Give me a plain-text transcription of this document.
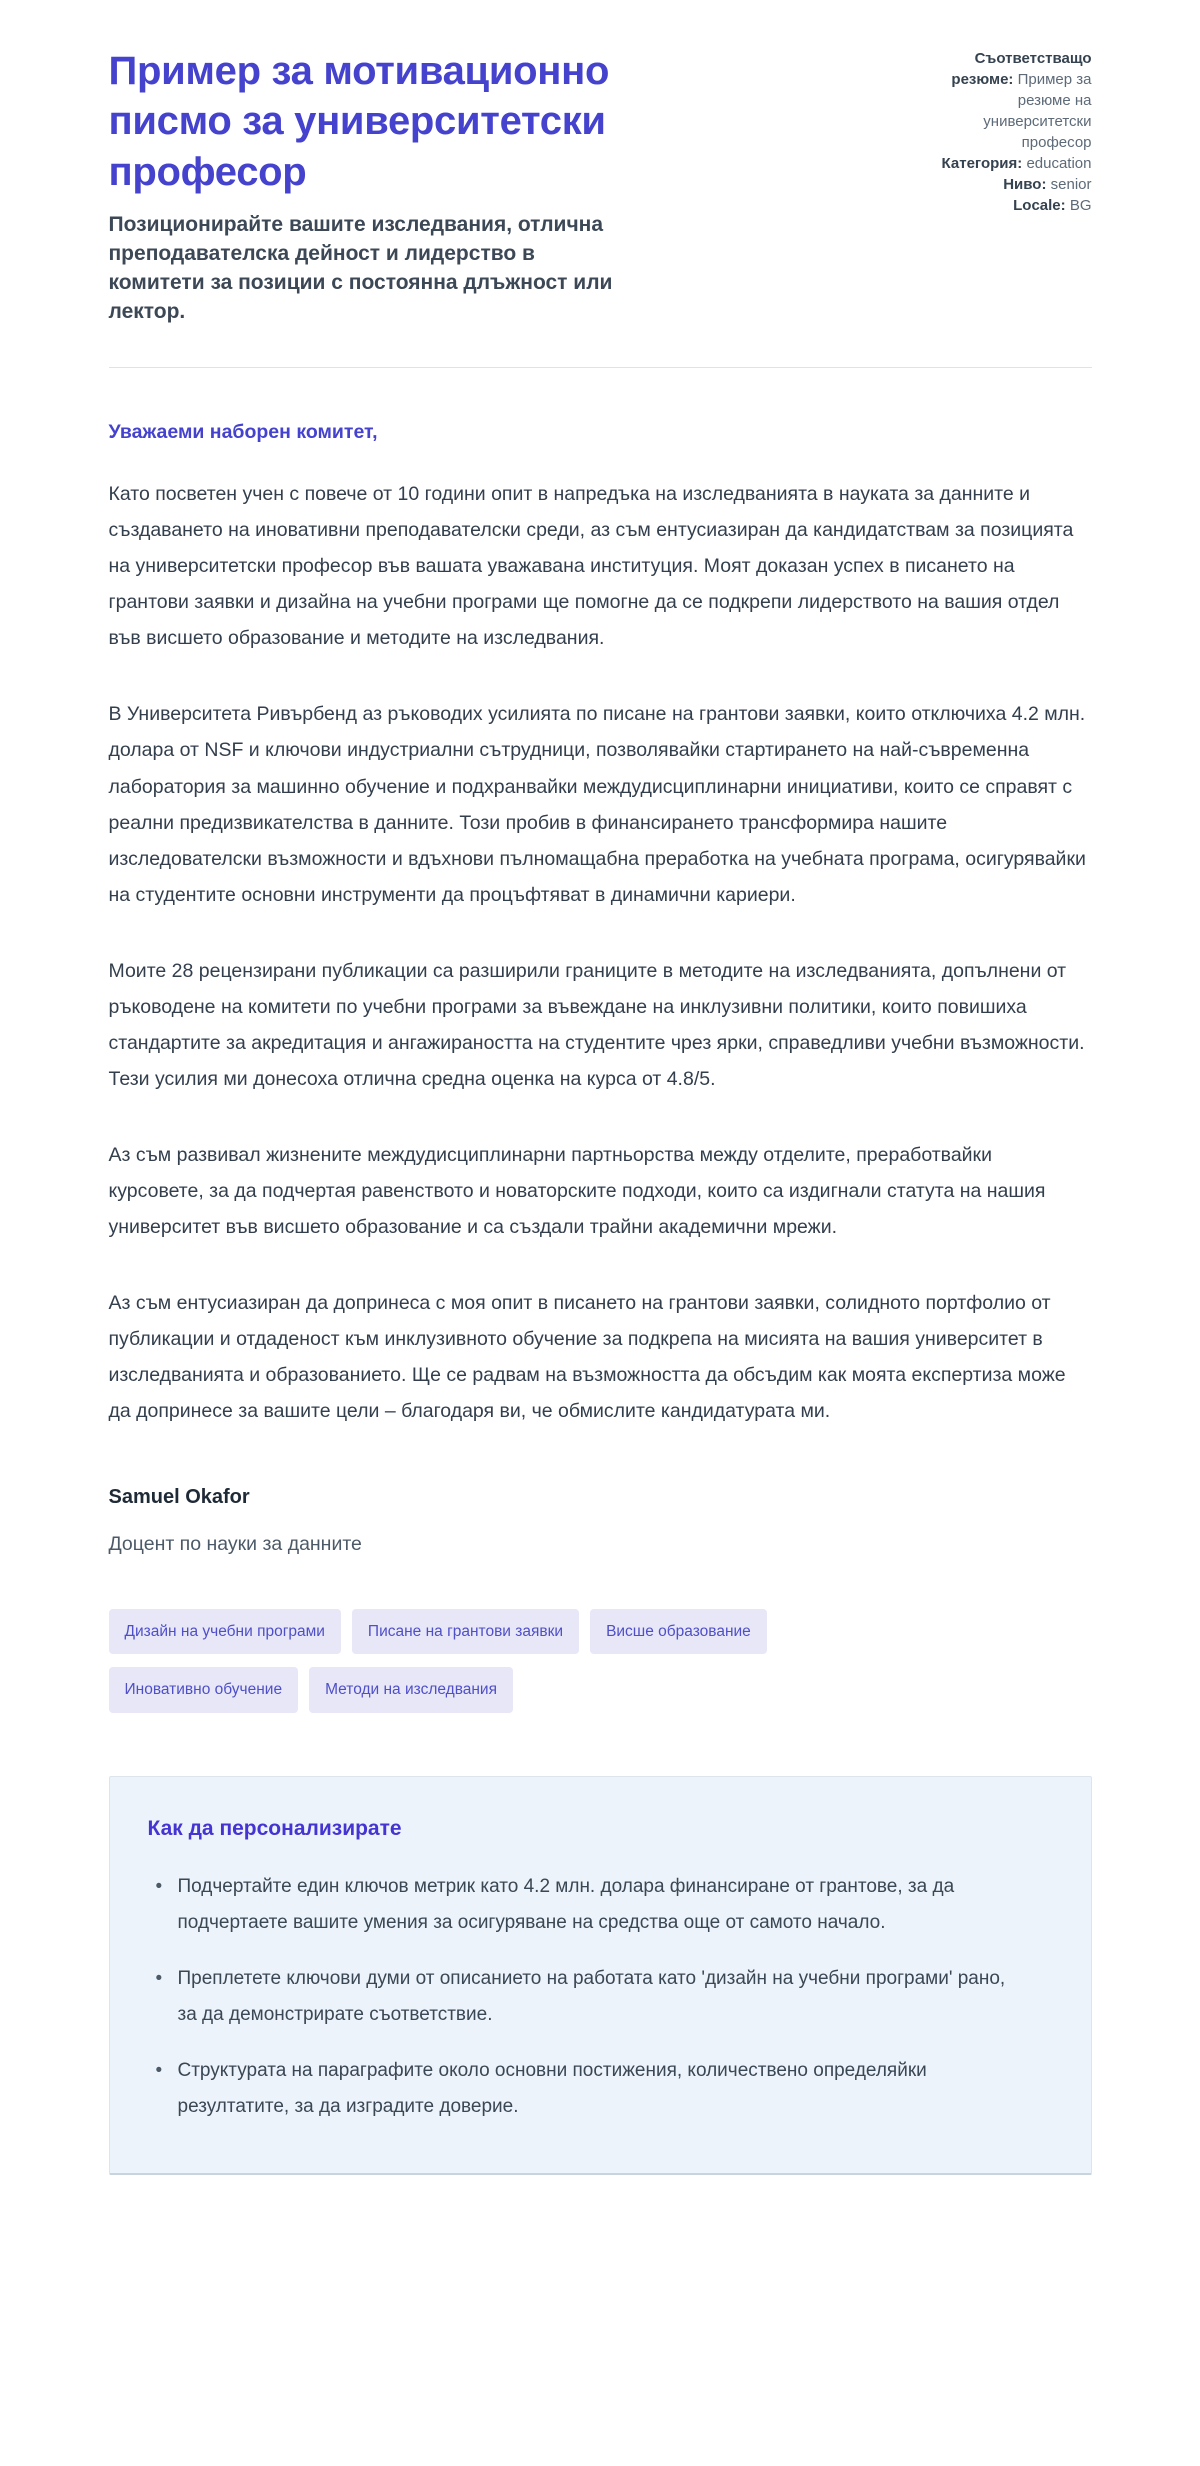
Пример за мотивационно писмо за университетски професор

Позиционирайте вашите изследвания, отлична преподавателска дейност и лидерство в комитети за позиции с постоянна длъжност или лектор.

Съответстващо резюме: Пример за резюме на университетски професор
Категория: education
Ниво: senior
Locale: BG

Уважаеми наборен комитет,

Като посветен учен с повече от 10 години опит в напредъка на изследванията в науката за данните и създаването на иновативни преподавателски среди, аз съм ентусиазиран да кандидатствам за позицията на университетски професор във вашата уважавана институция. Моят доказан успех в писането на грантови заявки и дизайна на учебни програми ще помогне да се подкрепи лидерството на вашия отдел във висшето образование и методите на изследвания.

В Университета Ривърбенд аз ръководих усилията по писане на грантови заявки, които отключиха 4.2 млн. долара от NSF и ключови индустриални сътрудници, позволявайки стартирането на най-съвременна лаборатория за машинно обучение и подхранвайки междудисциплинарни инициативи, които се справят с реални предизвикателства в данните. Този пробив в финансирането трансформира нашите изследователски възможности и вдъхнови пълномащабна преработка на учебната програма, осигурявайки на студентите основни инструменти да процъфтяват в динамични кариери.

Моите 28 рецензирани публикации са разширили границите в методите на изследванията, допълнени от ръководене на комитети по учебни програми за въвеждане на инклузивни политики, които повишиха стандартите за акредитация и ангажираността на студентите чрез ярки, справедливи учебни възможности. Тези усилия ми донесоха отлична средна оценка на курса от 4.8/5.

Аз съм развивал жизнените междудисциплинарни партньорства между отделите, преработвайки курсовете, за да подчертая равенството и новаторските подходи, които са издигнали статута на нашия университет във висшето образование и са създали трайни академични мрежи.

Аз съм ентусиазиран да допринеса с моя опит в писането на грантови заявки, солидното портфолио от публикации и отдаденост към инклузивното обучение за подкрепа на мисията на вашия университет в изследванията и образованието. Ще се радвам на възможността да обсъдим как моята експертиза може да допринесе за вашите цели – благодаря ви, че обмислите кандидатурата ми.

Samuel Okafor

Доцент по науки за данните

Дизайн на учебни програми	Писане на грантови заявки	Висше образование
Иновативно обучение	Методи на изследвания
Как да персонализирате
• Подчертайте един ключов метрик като 4.2 млн. долара финансиране от грантове, за да подчертаете вашите умения за осигуряване на средства още от самото начало.
• Преплетете ключови думи от описанието на работата като 'дизайн на учебни програми' рано, за да демонстрирате съответствие.
• Структурата на параграфите около основни постижения, количествено определяйки резултатите, за да изградите доверие.
